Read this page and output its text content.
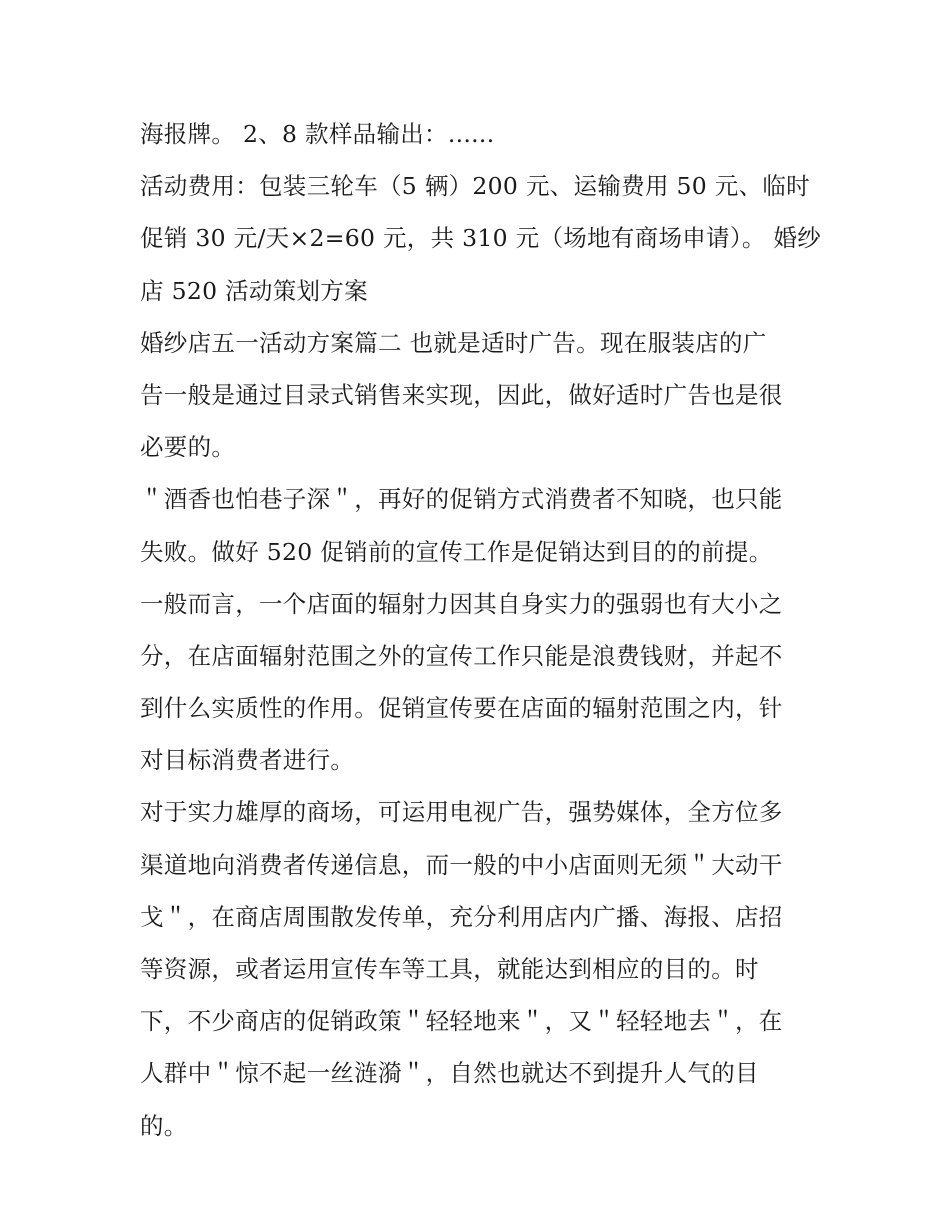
海报牌。 2、8 款样品输出：......
活动费用：包装三轮车（5 辆）200 元、运输费用 50 元、临时
促销 30 元/天×2=60 元，共 310 元（场地有商场申请）。 婚纱
店 520 活动策划方案
婚纱店五一活动方案篇二 也就是适时广告。现在服装店的广
告一般是通过目录式销售来实现，因此，做好适时广告也是很
必要的。
＂酒香也怕巷子深＂，再好的促销方式消费者不知晓，也只能
失败。做好 520 促销前的宣传工作是促销达到目的的前提。
一般而言，一个店面的辐射力因其自身实力的强弱也有大小之
分，在店面辐射范围之外的宣传工作只能是浪费钱财，并起不
到什么实质性的作用。促销宣传要在店面的辐射范围之内，针
对目标消费者进行。
对于实力雄厚的商场，可运用电视广告，强势媒体，全方位多
渠道地向消费者传递信息，而一般的中小店面则无须＂大动干
戈＂，在商店周围散发传单，充分利用店内广播、海报、店招
等资源，或者运用宣传车等工具，就能达到相应的目的。时
下，不少商店的促销政策＂轻轻地来＂，又＂轻轻地去＂，在
人群中＂惊不起一丝涟漪＂，自然也就达不到提升人气的目
的。
